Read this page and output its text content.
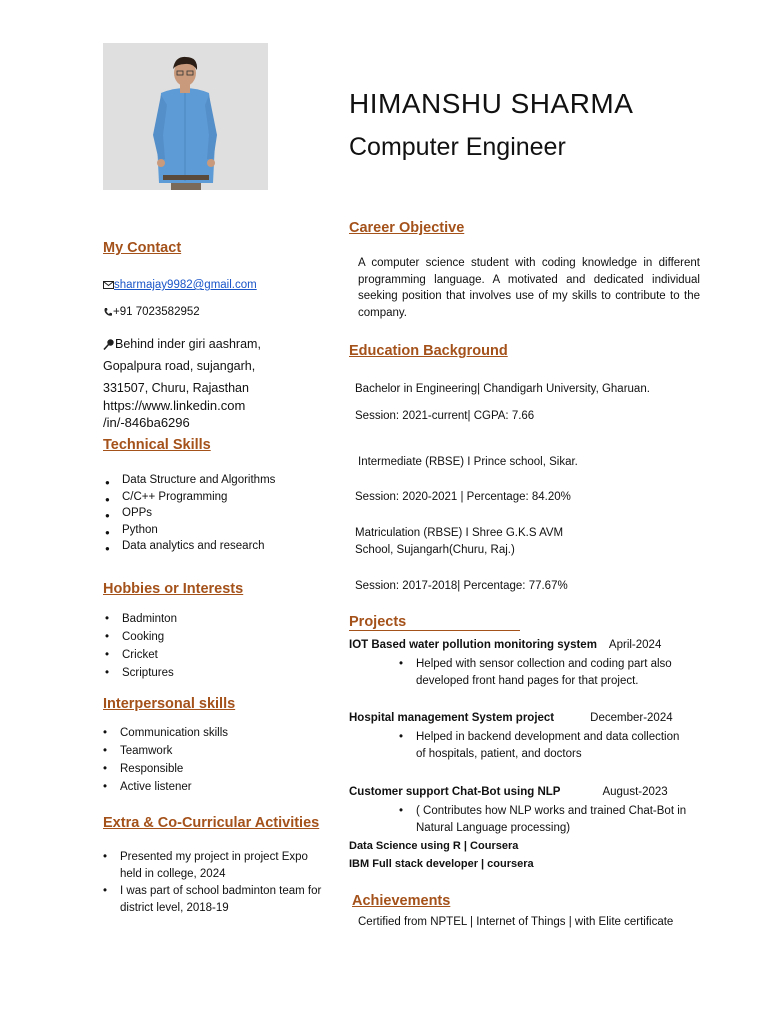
HIMANSHU SHARMA
Computer Engineer
My Contact
sharmajay9982@gmail.com
+91 7023582952
Behind inder giri aashram,
Gopalpura road, sujangarh,
331507, Churu, Rajasthan
https://www.linkedin.com
/in/-846ba6296
Technical Skills
● Data Structure and Algorithms
● C/C++ Programming
● OPPs
● Python
● Data analytics and research
Hobbies or Interests
• Badminton
• Cooking
• Cricket
• Scriptures
Interpersonal skills
• Communication skills
• Teamwork
• Responsible
• Active listener
Extra & Co-Curricular Activities
• Presented my project in project Expo held in college, 2024
• I was part of school badminton team for district level, 2018-19
Career Objective
A computer science student with coding knowledge in different programming language. A motivated and dedicated individual seeking position that involves use of my skills to contribute to the company.
Education Background
Bachelor in Engineering| Chandigarh University, Gharuan.
Session: 2021-current| CGPA: 7.66
Intermediate (RBSE) I Prince school, Sikar.
Session: 2020-2021 | Percentage: 84.20%
Matriculation (RBSE) I Shree G.K.S AVM
School, Sujangarh(Churu, Raj.)
Session: 2017-2018| Percentage: 77.67%
Projects
IOT Based water pollution monitoring system April-2024
• Helped with sensor collection and coding part also
developed front hand pages for that project.
Hospital management System project	December-2024
• Helped in backend development and data collection
of hospitals, patient, and doctors
Customer support Chat-Bot using NLP	August-2023
• ( Contributes how NLP works and trained Chat-Bot in
Natural Language processing)
Data Science using R | Coursera
IBM Full stack developer | coursera
Achievements
Certified from NPTEL | Internet of Things | with Elite certificate
